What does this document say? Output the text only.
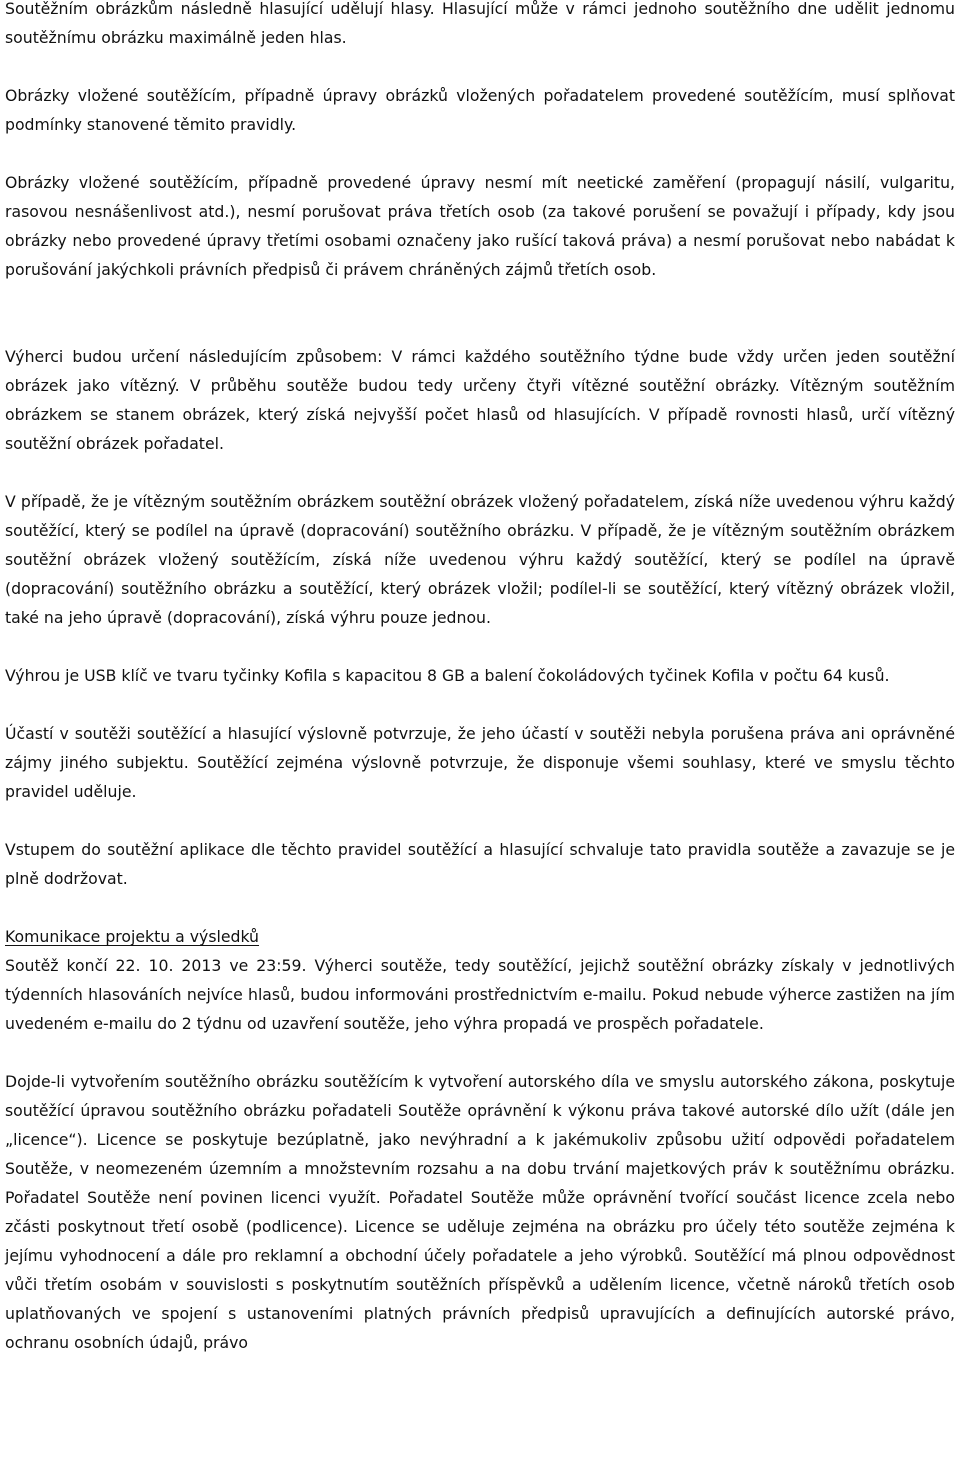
Soutěžním obrázkům následně hlasující udělují hlasy. Hlasující může v rámci jednoho soutěžního dne udělit jednomu soutěžnímu obrázku maximálně jeden hlas.

Obrázky vložené soutěžícím, případně úpravy obrázků vložených pořadatelem provedené soutěžícím, musí splňovat podmínky stanovené těmito pravidly.

Obrázky vložené soutěžícím, případně provedené úpravy nesmí mít neetické zaměření (propagují násilí, vulgaritu, rasovou nesnášenlivost atd.), nesmí porušovat práva třetích osob (za takové porušení se považují i případy, kdy jsou obrázky nebo provedené úpravy třetími osobami označeny jako rušící taková práva) a nesmí porušovat nebo nabádat k porušování jakýchkoli právních předpisů či právem chráněných zájmů třetích osob.

Výherci budou určení následujícím způsobem: V rámci každého soutěžního týdne bude vždy určen jeden soutěžní obrázek jako vítězný. V průběhu soutěže budou tedy určeny čtyři vítězné soutěžní obrázky. Vítězným soutěžním obrázkem se stanem obrázek, který získá nejvyšší počet hlasů od hlasujících. V případě rovnosti hlasů, určí vítězný soutěžní obrázek pořadatel.

V případě, že je vítězným soutěžním obrázkem soutěžní obrázek vložený pořadatelem, získá níže uvedenou výhru každý soutěžící, který se podílel na úpravě (dopracování) soutěžního obrázku. V případě, že je vítězným soutěžním obrázkem soutěžní obrázek vložený soutěžícím, získá níže uvedenou výhru každý soutěžící, který se podílel na úpravě (dopracování) soutěžního obrázku a soutěžící, který obrázek vložil; podílel-li se soutěžící, který vítězný obrázek vložil, také na jeho úpravě (dopracování), získá výhru pouze jednou.

Výhrou je USB klíč ve tvaru tyčinky Kofila s kapacitou 8 GB a balení čokoládových tyčinek Kofila v počtu 64 kusů.

Účastí v soutěži soutěžící a hlasující výslovně potvrzuje, že jeho účastí v soutěži nebyla porušena práva ani oprávněné zájmy jiného subjektu. Soutěžící zejména výslovně potvrzuje, že disponuje všemi souhlasy, které ve smyslu těchto pravidel uděluje.

Vstupem do soutěžní aplikace dle těchto pravidel soutěžící a hlasující schvaluje tato pravidla soutěže a zavazuje se je plně dodržovat.

Komunikace projektu a výsledků

Soutěž končí 22. 10. 2013 ve 23:59. Výherci soutěže, tedy soutěžící, jejichž soutěžní obrázky získaly v jednotlivých týdenních hlasováních nejvíce hlasů, budou informováni prostřednictvím e-mailu. Pokud nebude výherce zastižen na jím uvedeném e-mailu do 2 týdnu od uzavření soutěže, jeho výhra propadá ve prospěch pořadatele.

Dojde-li vytvořením soutěžního obrázku soutěžícím k vytvoření autorského díla ve smyslu autorského zákona, poskytuje soutěžící úpravou soutěžního obrázku pořadateli Soutěže oprávnění k výkonu práva takové autorské dílo užít (dále jen „licence“). Licence se poskytuje bezúplatně, jako nevýhradní a k jakémukoliv způsobu užití odpovědi pořadatelem Soutěže, v neomezeném územním a množstevním rozsahu a na dobu trvání majetkových práv k soutěžnímu obrázku. Pořadatel Soutěže není povinen licenci využít. Pořadatel Soutěže může oprávnění tvořící součást licence zcela nebo zčásti poskytnout třetí osobě (podlicence). Licence se uděluje zejména na obrázku pro účely této soutěže zejména k jejímu vyhodnocení a dále pro reklamní a obchodní účely pořadatele a jeho výrobků. Soutěžící má plnou odpovědnost vůči třetím osobám v souvislosti s poskytnutím soutěžních příspěvků a udělením licence, včetně nároků třetích osob uplatňovaných ve spojení s ustanoveními platných právních předpisů upravujících a definujících autorské právo, ochranu osobních údajů, právo
